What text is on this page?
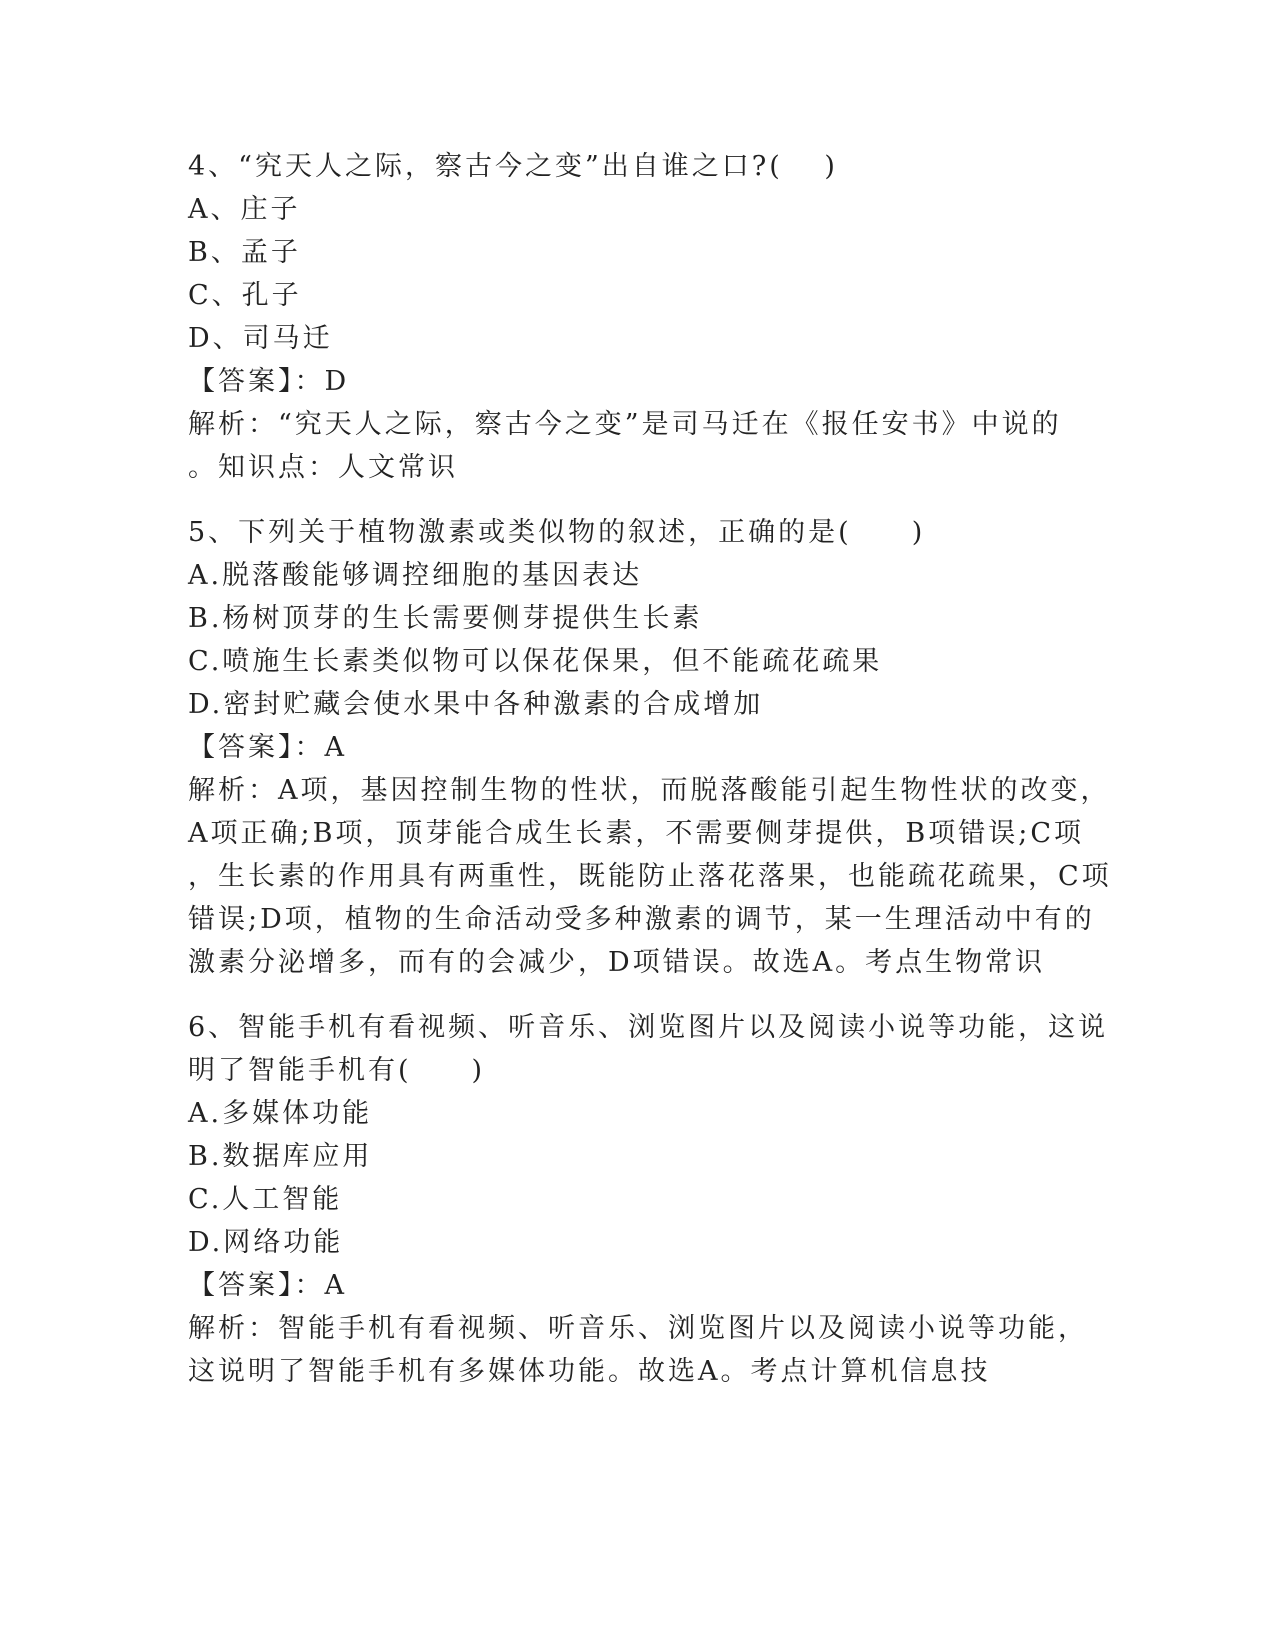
4、“究天人之际，察古今之变”出自谁之口?(　 )
A、庄子
B、孟子
C、孔子
D、司马迁
【答案】：D
解析：“究天人之际，察古今之变”是司马迁在《报任安书》中说的
。知识点：人文常识
5、下列关于植物激素或类似物的叙述，正确的是(　　)
A.脱落酸能够调控细胞的基因表达
B.杨树顶芽的生长需要侧芽提供生长素
C.喷施生长素类似物可以保花保果，但不能疏花疏果
D.密封贮藏会使水果中各种激素的合成增加
【答案】：A
解析：A项，基因控制生物的性状，而脱落酸能引起生物性状的改变，
A项正确;B项，顶芽能合成生长素，不需要侧芽提供，B项错误;C项
，生长素的作用具有两重性，既能防止落花落果，也能疏花疏果，C项
错误;D项，植物的生命活动受多种激素的调节，某一生理活动中有的
激素分泌增多，而有的会减少，D项错误。故选A。考点生物常识
6、智能手机有看视频、听音乐、浏览图片以及阅读小说等功能，这说
明了智能手机有(　　)
A.多媒体功能
B.数据库应用
C.人工智能
D.网络功能
【答案】：A
解析：智能手机有看视频、听音乐、浏览图片以及阅读小说等功能，
这说明了智能手机有多媒体功能。故选A。考点计算机信息技
